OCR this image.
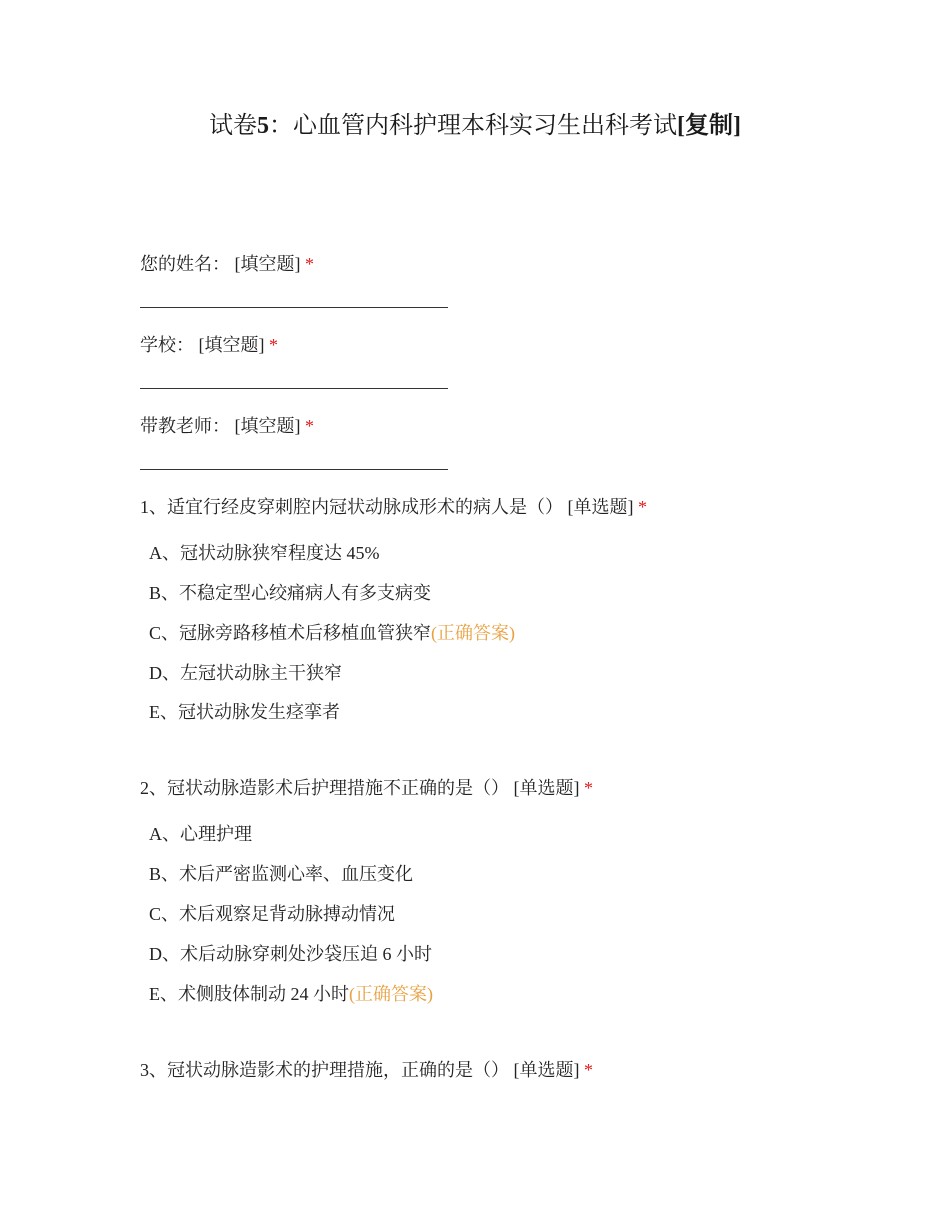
试卷5：心血管内科护理本科实习生出科考试[复制]
您的姓名： [填空题] *
学校： [填空题] *
带教老师： [填空题] *
1、适宜行经皮穿刺腔内冠状动脉成形术的病人是（） [单选题] *
A、冠状动脉狭窄程度达 45%
B、不稳定型心绞痛病人有多支病变
C、冠脉旁路移植术后移植血管狭窄(正确答案)
D、左冠状动脉主干狭窄
E、冠状动脉发生痉挛者
2、冠状动脉造影术后护理措施不正确的是（） [单选题] *
A、心理护理
B、术后严密监测心率、血压变化
C、术后观察足背动脉搏动情况
D、术后动脉穿刺处沙袋压迫 6 小时
E、术侧肢体制动 24 小时(正确答案)
3、冠状动脉造影术的护理措施，正确的是（） [单选题] *
